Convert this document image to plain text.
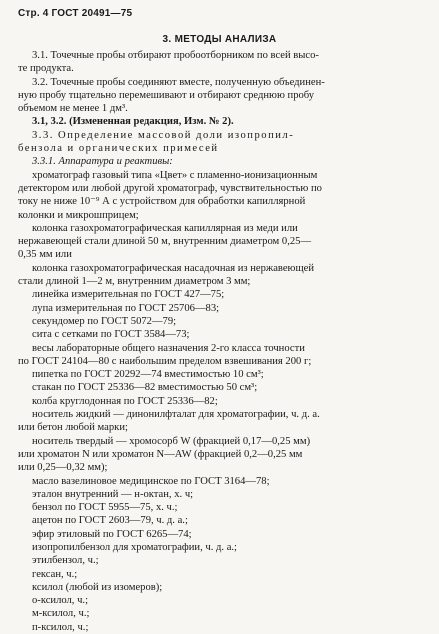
Стр. 4 ГОСТ 20491—75
3. МЕТОДЫ АНАЛИЗА
3.1. Точечные пробы отбирают пробоотборником по всей высо-
те продукта.
3.2. Точечные пробы соединяют вместе, полученную объединен-
ную пробу тщательно перемешивают и отбирают среднюю пробу
объемом не менее 1 дм³.
3.1, 3.2. (Измененная редакция, Изм. № 2).
3.3. Определение массовой доли изопропил-
бензола и органических примесей
3.3.1. Аппаратура и реактивы:
хроматограф газовый типа «Цвет» с пламенно-ионизационным
детектором или любой другой хроматограф, чувствительностью по
току не ниже 10⁻⁹ А с устройством для обработки капиллярной
колонки и микрошприцем;
колонка газохроматографическая капиллярная из меди или
нержавеющей стали длиной 50 м, внутренним диаметром 0,25—
0,35 мм или
колонка газохроматографическая насадочная из нержавеющей
стали длиной 1—2 м, внутренним диаметром 3 мм;
линейка измерительная по ГОСТ 427—75;
лупа измерительная по ГОСТ 25706—83;
секундомер по ГОСТ 5072—79;
сита с сетками по ГОСТ 3584—73;
весы лабораторные общего назначения 2-го класса точности
по ГОСТ 24104—80 с наибольшим пределом взвешивания 200 г;
пипетка по ГОСТ 20292—74 вместимостью 10 см³;
стакан по ГОСТ 25336—82 вместимостью 50 см³;
колба круглодонная по ГОСТ 25336—82;
носитель жидкий — динонилфталат для хроматографии, ч. д. а.
или бетон любой марки;
носитель твердый — хромосорб W (фракцией 0,17—0,25 мм)
или хроматон N или хроматон N—AW (фракцией 0,2—0,25 мм
или 0,25—0,32 мм);
масло вазелиновое медицинское по ГОСТ 3164—78;
эталон внутренний — н-октан, х. ч;
бензол по ГОСТ 5955—75, х. ч.;
ацетон по ГОСТ 2603—79, ч. д. а.;
эфир этиловый по ГОСТ 6265—74;
изопропилбензол для хроматографии, ч. д. а.;
этилбензол, ч.;
гексан, ч.;
ксилол (любой из изомеров);
о-ксилол, ч.;
м-ксилол, ч.;
п-ксилол, ч.;
